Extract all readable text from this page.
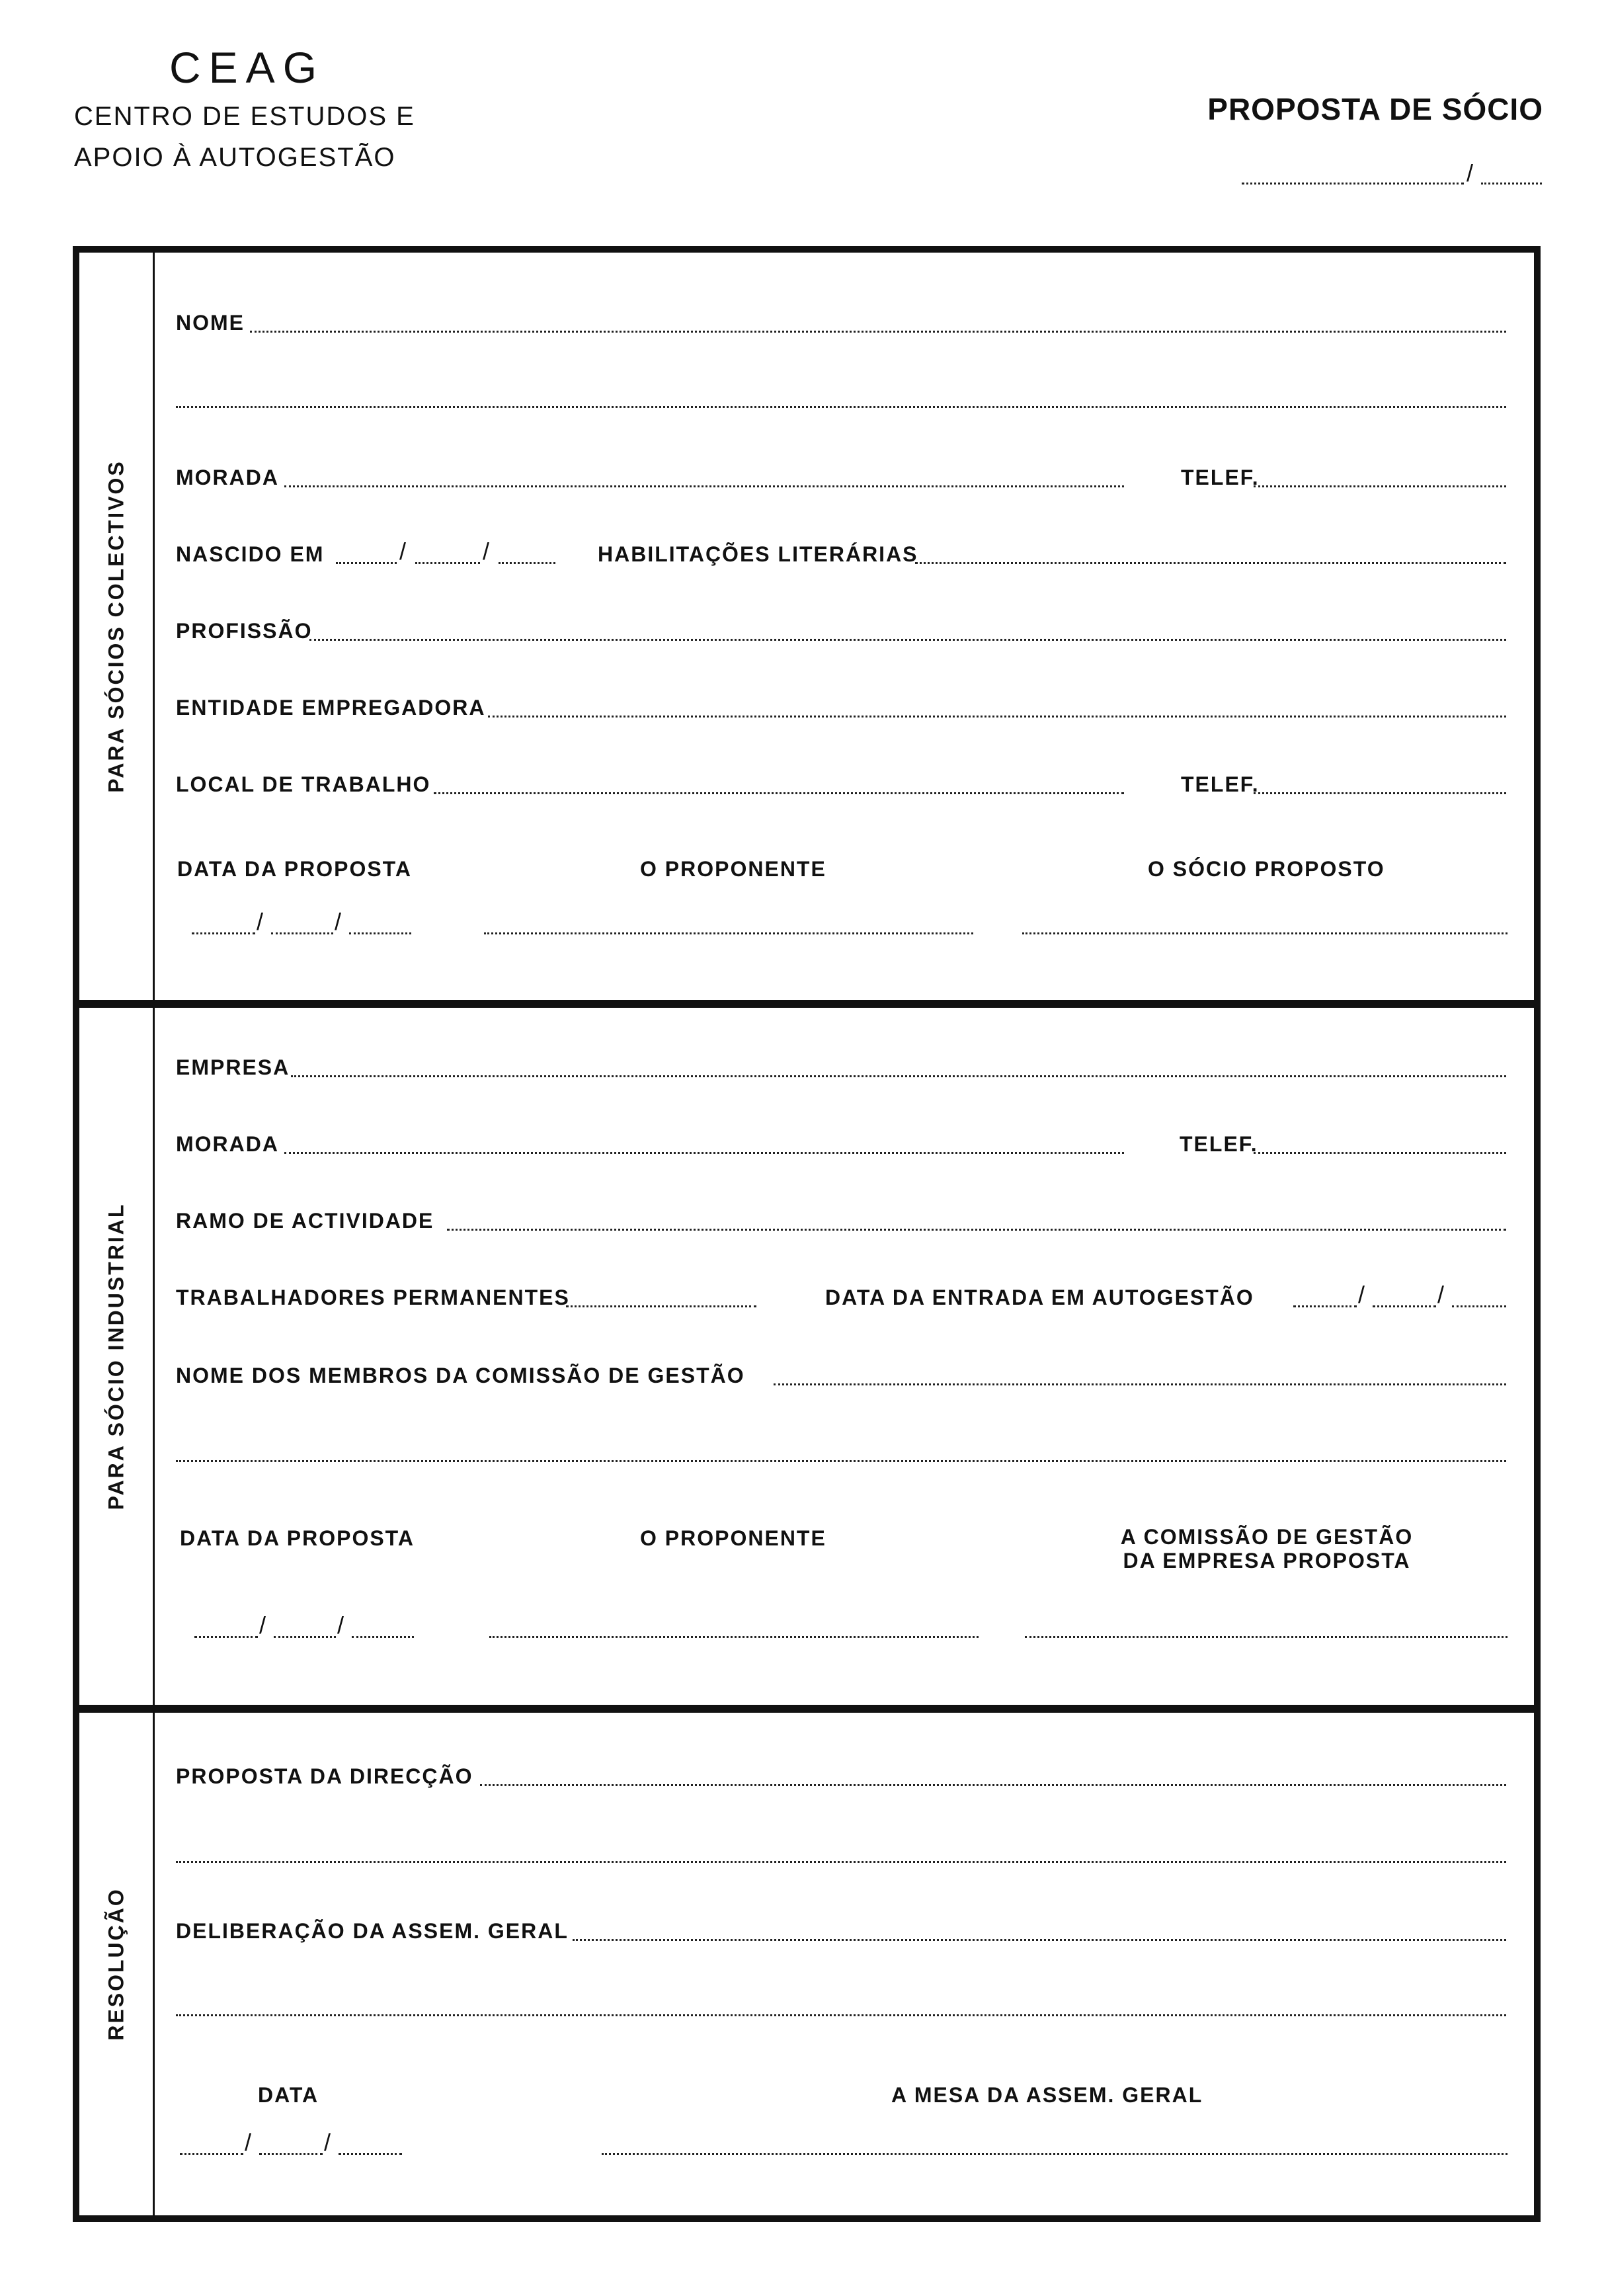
CEAG
CENTRO DE ESTUDOS E
APOIO À AUTOGESTÃO
PROPOSTA DE SÓCIO
/
PARA SÓCIOS COLECTIVOS
PARA SÓCIO INDUSTRIAL
RESOLUÇÃO
NOME
MORADA	TELEF.
NASCIDO EM	/	/	HABILITAÇÕES LITERÁRIAS
PROFISSÃO
ENTIDADE EMPREGADORA
LOCAL DE TRABALHO	TELEF.
DATA DA PROPOSTA	O PROPONENTE	O SÓCIO PROPOSTO
/	/
EMPRESA
MORADA	TELEF.
RAMO DE ACTIVIDADE
TRABALHADORES PERMANENTES	DATA DA ENTRADA EM AUTOGESTÃO	/	/
NOME DOS MEMBROS DA COMISSÃO DE GESTÃO
DATA DA PROPOSTA	O PROPONENTE	A COMISSÃO DE GESTÃO
DA EMPRESA PROPOSTA
/	/
PROPOSTA DA DIRECÇÃO
DELIBERAÇÃO DA ASSEM. GERAL
DATA	A MESA DA ASSEM. GERAL
/	/
